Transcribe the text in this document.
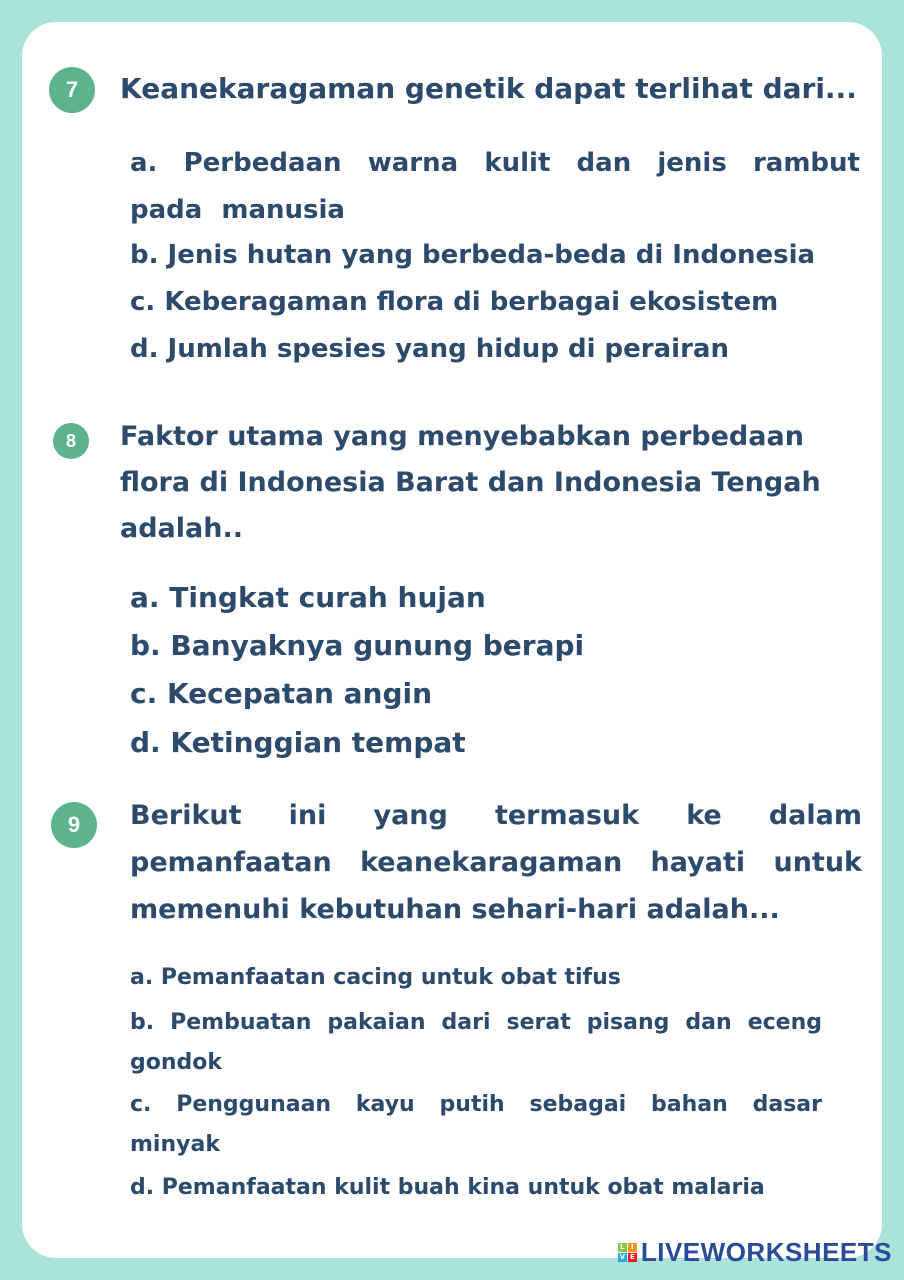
7	Keanekaragaman genetik dapat terlihat dari...
a. Perbedaan warna kulit dan jenis rambut pada manusia
b. Jenis hutan yang berbeda-beda di Indonesia
c. Keberagaman flora di berbagai ekosistem
d. Jumlah spesies yang hidup di perairan
8	Faktor utama yang menyebabkan perbedaan flora di Indonesia Barat dan Indonesia Tengah adalah..
a. Tingkat curah hujan
b. Banyaknya gunung berapi
c. Kecepatan angin
d. Ketinggian tempat
9	Berikut ini yang termasuk ke dalam pemanfaatan keanekaragaman hayati untuk memenuhi kebutuhan sehari-hari adalah...
a. Pemanfaatan cacing untuk obat tifus
b. Pembuatan pakaian dari serat pisang dan eceng gondok
c. Penggunaan kayu putih sebagai bahan dasar minyak
d. Pemanfaatan kulit buah kina untuk obat malaria
L I
V E LIVEWORKSHEETS
